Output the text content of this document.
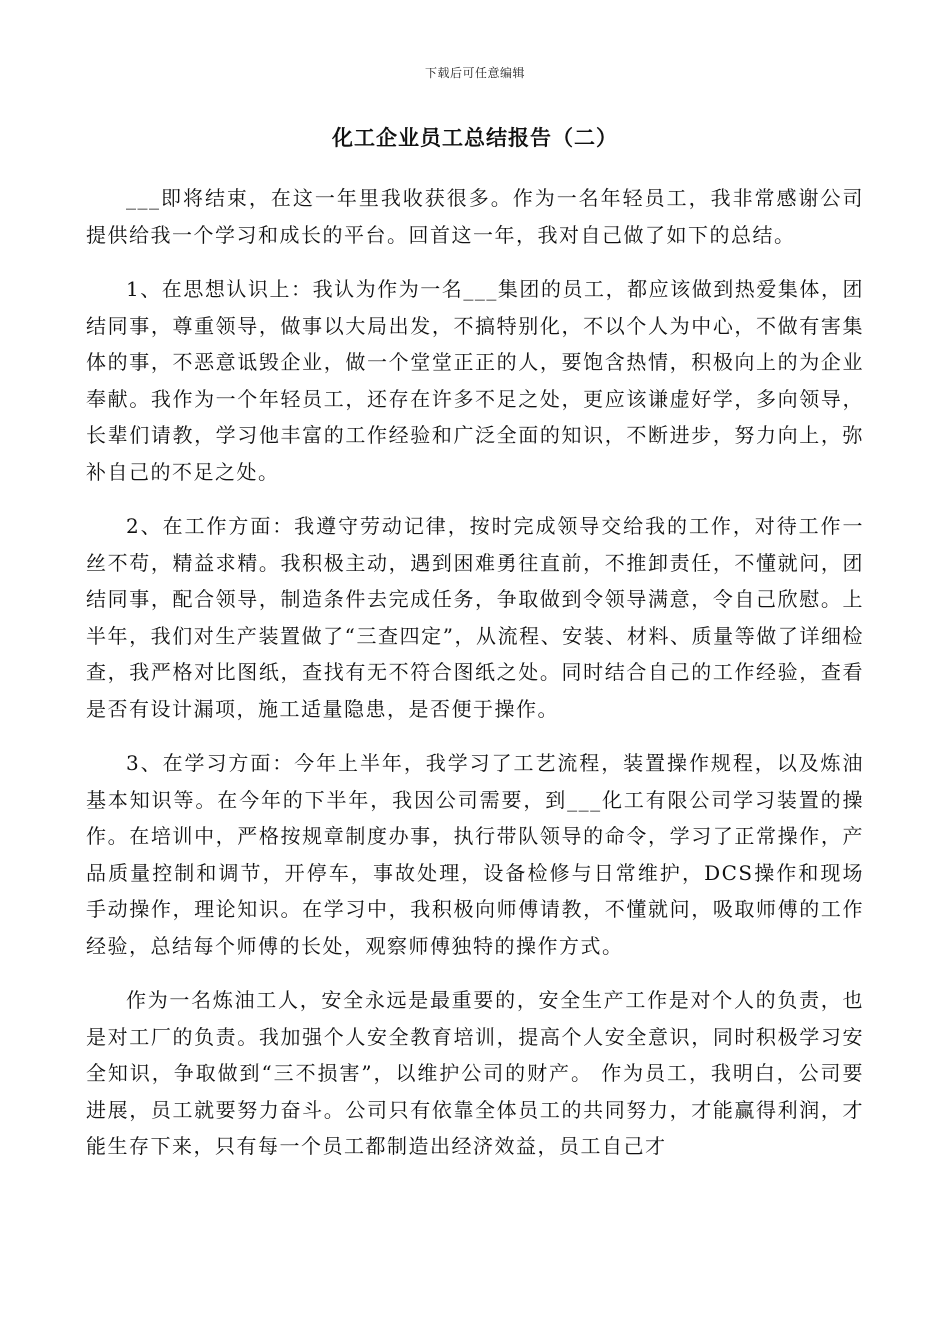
下载后可任意编辑
化工企业员工总结报告（二）

___即将结束，在这一年里我收获很多。作为一名年轻员工，我非常感谢公司提供给我一个学习和成长的平台。回首这一年，我对自己做了如下的总结。

1、在思想认识上：我认为作为一名___集团的员工，都应该做到热爱集体，团结同事，尊重领导，做事以大局出发，不搞特别化，不以个人为中心，不做有害集体的事，不恶意诋毁企业，做一个堂堂正正的人，要饱含热情，积极向上的为企业奉献。我作为一个年轻员工，还存在许多不足之处，更应该谦虚好学，多向领导，长辈们请教，学习他丰富的工作经验和广泛全面的知识，不断进步，努力向上，弥补自己的不足之处。

2、在工作方面：我遵守劳动记律，按时完成领导交给我的工作，对待工作一丝不苟，精益求精。我积极主动，遇到困难勇往直前，不推卸责任，不懂就问，团结同事，配合领导，制造条件去完成任务，争取做到令领导满意，令自己欣慰。上半年，我们对生产装置做了“三查四定”，从流程、安装、材料、质量等做了详细检查，我严格对比图纸，查找有无不符合图纸之处。同时结合自己的工作经验，查看是否有设计漏项，施工适量隐患，是否便于操作。

3、在学习方面：今年上半年，我学习了工艺流程，装置操作规程，以及炼油基本知识等。在今年的下半年，我因公司需要，到___化工有限公司学习装置的操作。在培训中，严格按规章制度办事，执行带队领导的命令，学习了正常操作，产品质量控制和调节，开停车，事故处理，设备检修与日常维护，DCS操作和现场手动操作，理论知识。在学习中，我积极向师傅请教，不懂就问，吸取师傅的工作经验，总结每个师傅的长处，观察师傅独特的操作方式。

作为一名炼油工人，安全永远是最重要的，安全生产工作是对个人的负责，也是对工厂的负责。我加强个人安全教育培训，提高个人安全意识，同时积极学习安全知识，争取做到“三不损害”，以维护公司的财产。 作为员工，我明白，公司要进展，员工就要努力奋斗。公司只有依靠全体员工的共同努力，才能赢得利润，才能生存下来，只有每一个员工都制造出经济效益，员工自己才
